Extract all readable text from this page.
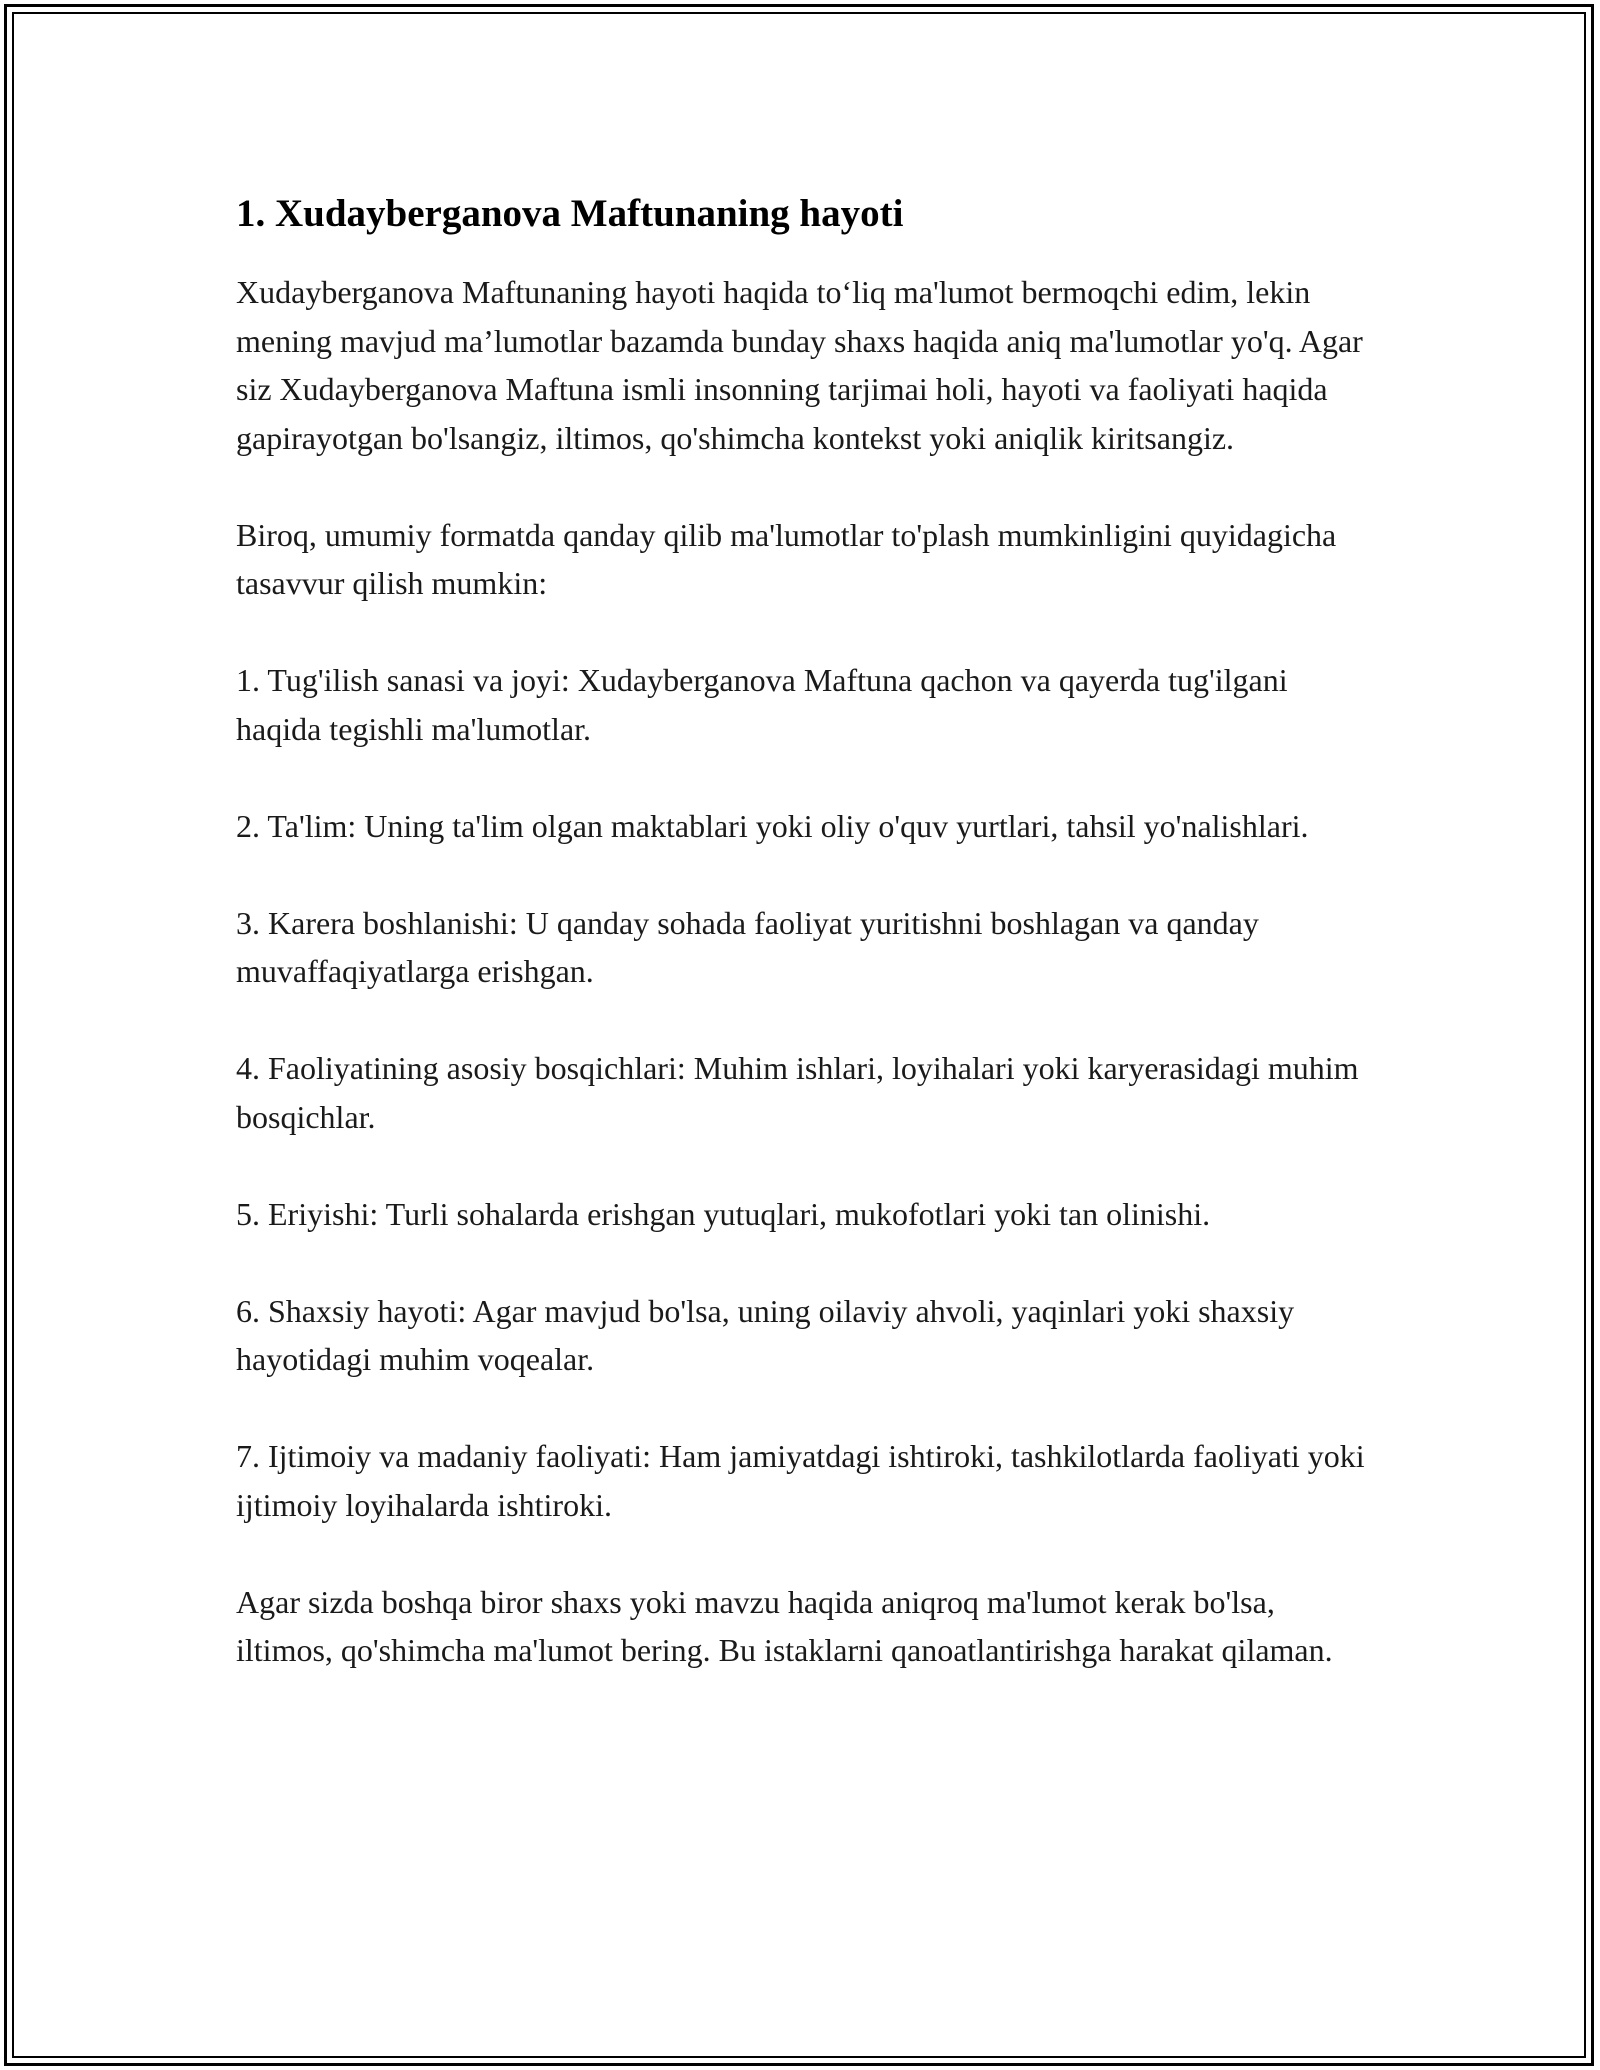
1. Xudayberganova Maftunaning hayoti

Xudayberganova Maftunaning hayoti haqida to‘liq ma'lumot bermoqchi edim, lekin mening mavjud ma’lumotlar bazamda bunday shaxs haqida aniq ma'lumotlar yo'q. Agar siz Xudayberganova Maftuna ismli insonning tarjimai holi, hayoti va faoliyati haqida gapirayotgan bo'lsangiz, iltimos, qo'shimcha kontekst yoki aniqlik kiritsangiz.

Biroq, umumiy formatda qanday qilib ma'lumotlar to'plash mumkinligini quyidagicha tasavvur qilish mumkin:

1. Tug'ilish sanasi va joyi: Xudayberganova Maftuna qachon va qayerda tug'ilgani haqida tegishli ma'lumotlar.

2. Ta'lim: Uning ta'lim olgan maktablari yoki oliy o'quv yurtlari, tahsil yo'nalishlari.

3. Karera boshlanishi: U qanday sohada faoliyat yuritishni boshlagan va qanday muvaffaqiyatlarga erishgan.

4. Faoliyatining asosiy bosqichlari: Muhim ishlari, loyihalari yoki karyerasidagi muhim bosqichlar.

5. Eriyishi: Turli sohalarda erishgan yutuqlari, mukofotlari yoki tan olinishi.

6. Shaxsiy hayoti: Agar mavjud bo'lsa, uning oilaviy ahvoli, yaqinlari yoki shaxsiy hayotidagi muhim voqealar.

7. Ijtimoiy va madaniy faoliyati: Ham jamiyatdagi ishtiroki, tashkilotlarda faoliyati yoki ijtimoiy loyihalarda ishtiroki.

Agar sizda boshqa biror shaxs yoki mavzu haqida aniqroq ma'lumot kerak bo'lsa, iltimos, qo'shimcha ma'lumot bering. Bu istaklarni qanoatlantirishga harakat qilaman.
